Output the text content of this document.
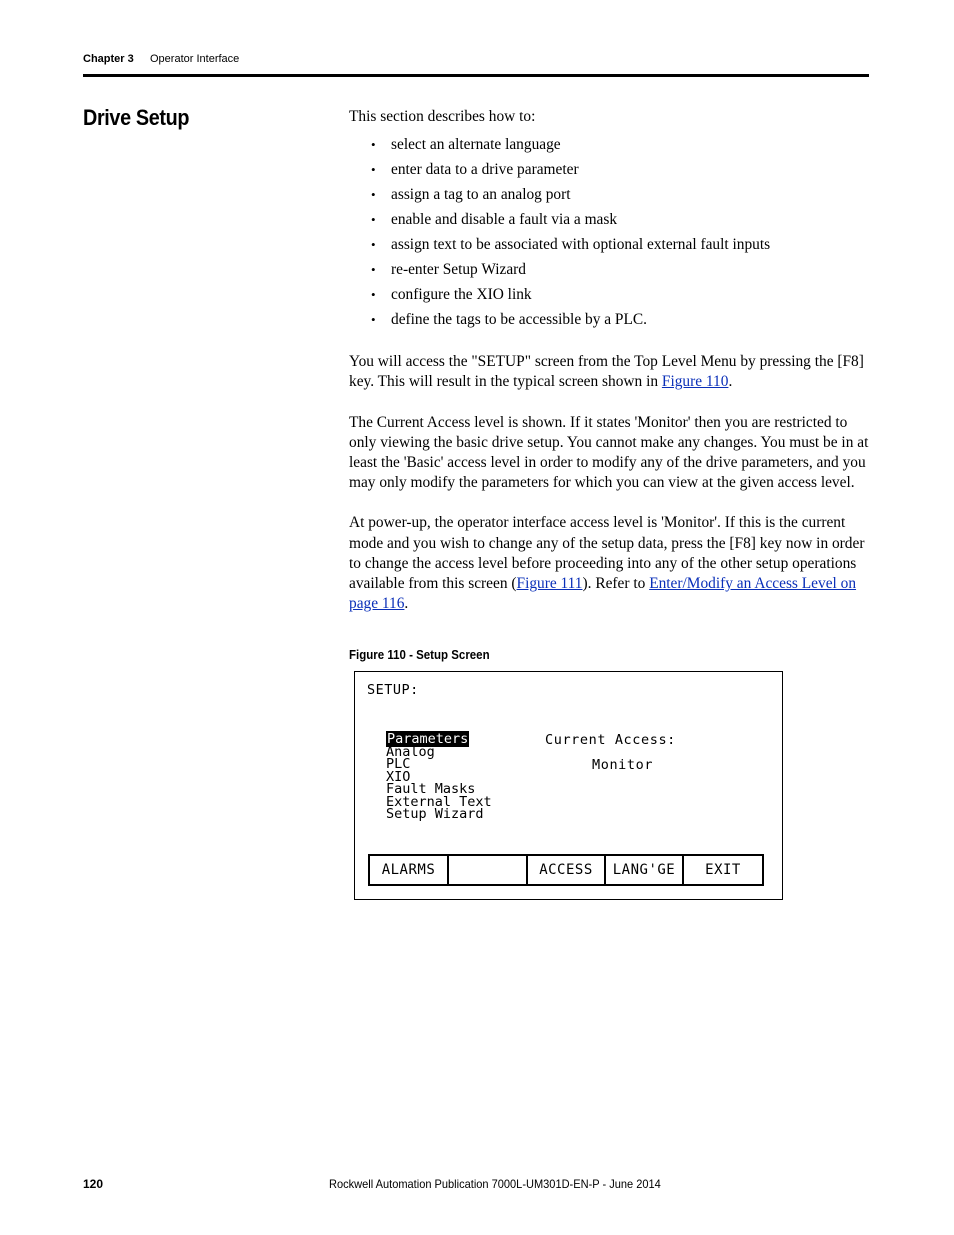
Chapter 3 Operator Interface
Drive Setup	This section describes how to:

• select an alternate language
• enter data to a drive parameter
• assign a tag to an analog port
• enable and disable a fault via a mask
• assign text to be associated with optional external fault inputs
• re-enter Setup Wizard
• configure the XIO link
• define the tags to be accessible by a PLC.

You will access the "SETUP" screen from the Top Level Menu by pressing the [F8] key. This will result in the typical screen shown in Figure 110.

The Current Access level is shown. If it states 'Monitor' then you are restricted to only viewing the basic drive setup. You cannot make any changes. You must be in at least the 'Basic' access level in order to modify any of the drive parameters, and you may only modify the parameters for which you can view at the given access level.

At power-up, the operator interface access level is 'Monitor'. If this is the current mode and you wish to change any of the setup data, press the [F8] key now in order to change the access level before proceeding into any of the other setup operations available from this screen (Figure 111). Refer to Enter/Modify an Access Level on page 116.

Figure 110 - Setup Screen
SETUP:
Parameters
Analog
PLC
XIO
Fault Masks
External Text
Setup Wizard
Current Access:
Monitor
ALARMS	ACCESS	LANG'GE	EXIT
120	Rockwell Automation Publication 7000L-UM301D-EN-P - June 2014
